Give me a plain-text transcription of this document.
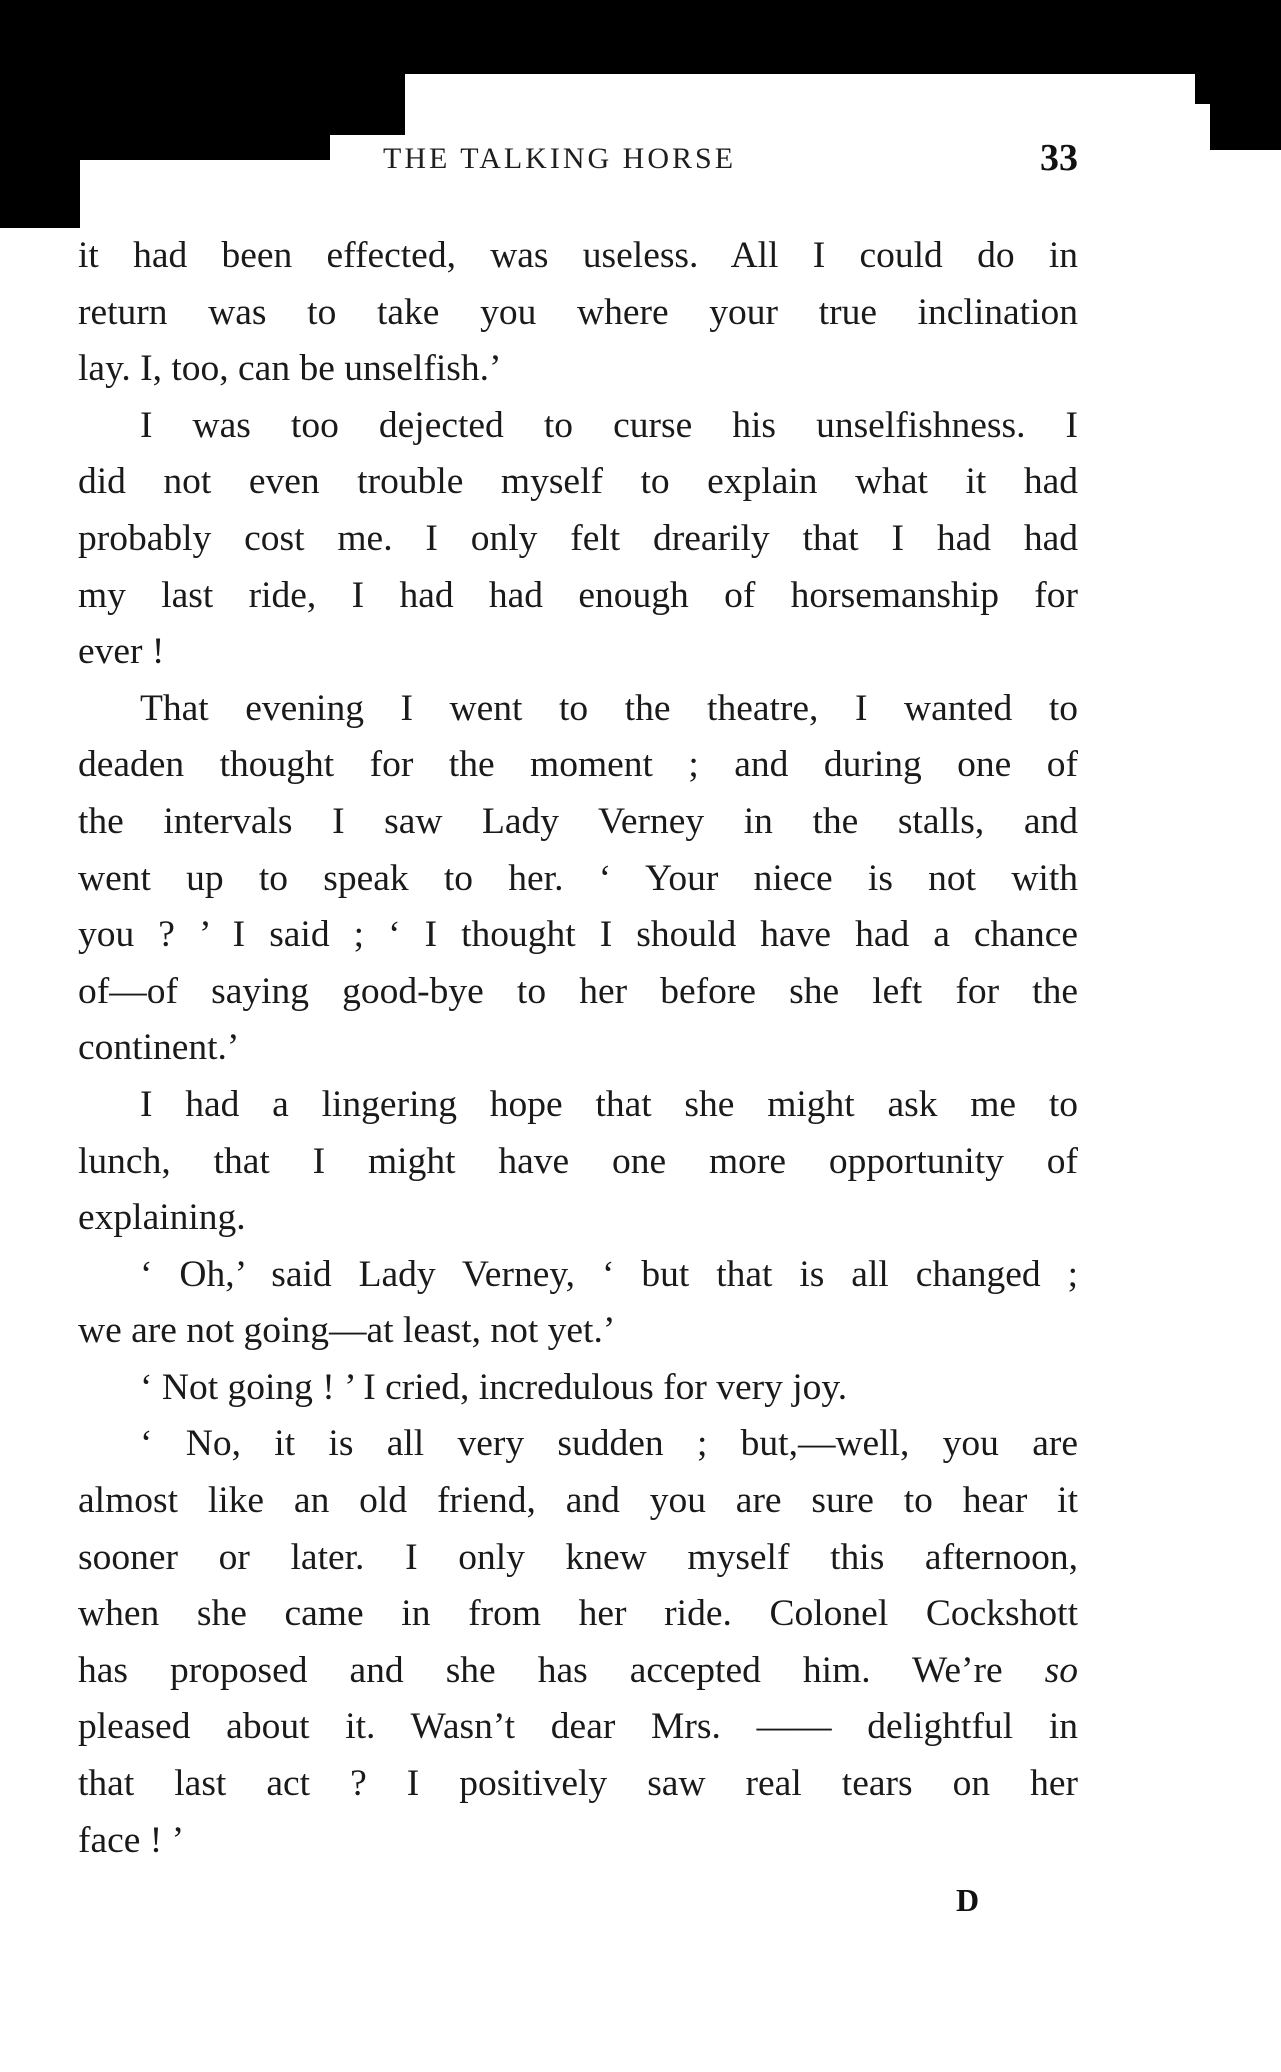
THE TALKING HORSE	33
it had been effected, was useless. All I could do in
return was to take you where your true inclination
lay. I, too, can be unselfish.’
I was too dejected to curse his unselfishness. I
did not even trouble myself to explain what it had
probably cost me. I only felt drearily that I had had
my last ride, I had had enough of horsemanship for
ever !
That evening I went to the theatre, I wanted to
deaden thought for the moment ; and during one of
the intervals I saw Lady Verney in the stalls, and
went up to speak to her. ‘ Your niece is not with
you ? ’ I said ; ‘ I thought I should have had a chance
of—of saying good-bye to her before she left for the
continent.’
I had a lingering hope that she might ask me to
lunch, that I might have one more opportunity of
explaining.
‘ Oh,’ said Lady Verney, ‘ but that is all changed ;
we are not going—at least, not yet.’
‘ Not going ! ’ I cried, incredulous for very joy.
‘ No, it is all very sudden ; but,—well, you are
almost like an old friend, and you are sure to hear it
sooner or later. I only knew myself this afternoon,
when she came in from her ride. Colonel Cockshott
has proposed and she has accepted him. We’re so
pleased about it. Wasn’t dear Mrs. —— delightful in
that last act ? I positively saw real tears on her
face ! ’
D
